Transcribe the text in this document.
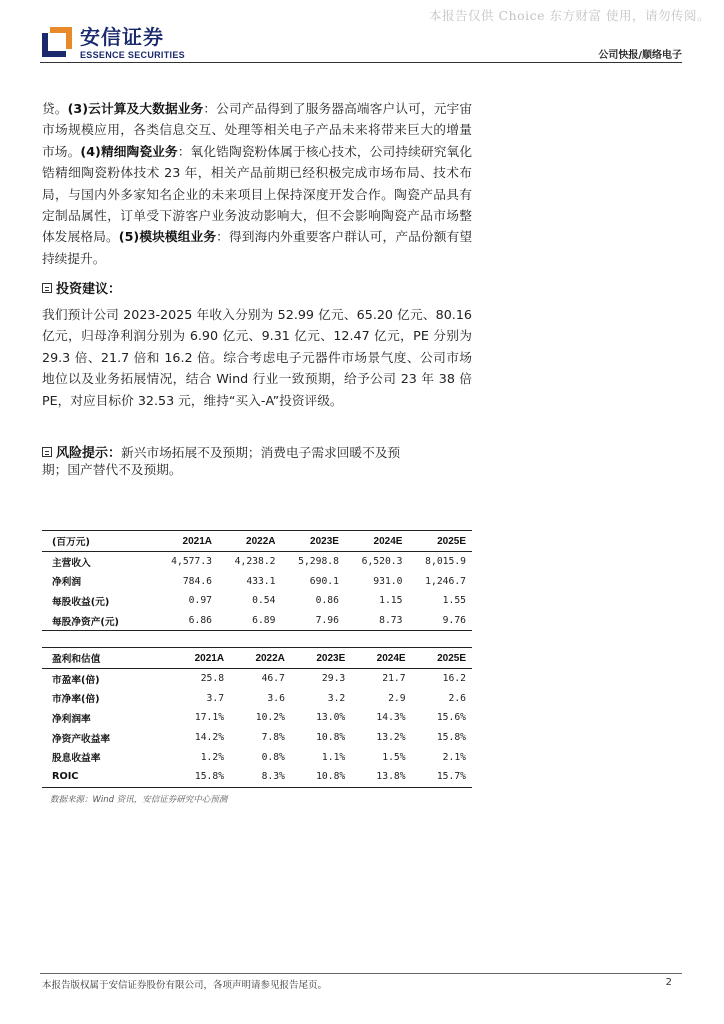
本报告仅供 Choice 东方财富 使用，请勿传阅。
安信证券
ESSENCE SECURITIES	公司快报/顺络电子
贷。(3)云计算及大数据业务：公司产品得到了服务器高端客户认可，元宇宙市场规模应用，各类信息交互、处理等相关电子产品未来将带来巨大的增量市场。(4)精细陶瓷业务：氧化锆陶瓷粉体属于核心技术，公司持续研究氧化锆精细陶瓷粉体技术 23 年，相关产品前期已经积极完成市场布局、技术布局，与国内外多家知名企业的未来项目上保持深度开发合作。陶瓷产品具有定制品属性，订单受下游客户业务波动影响大，但不会影响陶瓷产品市场整体发展格局。(5)模块模组业务：得到海内外重要客户群认可，产品份额有望持续提升。
投资建议：
我们预计公司 2023-2025 年收入分别为 52.99 亿元、65.20 亿元、80.16 亿元，归母净利润分别为 6.90 亿元、9.31 亿元、12.47 亿元，PE 分别为 29.3 倍、21.7 倍和 16.2 倍。综合考虑电子元器件市场景气度、公司市场地位以及业务拓展情况，结合 Wind 行业一致预期，给予公司 23 年 38 倍 PE，对应目标价 32.53 元，维持“买入-A”投资评级。
风险提示： 新兴市场拓展不及预期；消费电子需求回暖不及预
期；国产替代不及预期。
(百万元)	2021A	2022A	2023E	2024E	2025E
主营收入	4,577.3	4,238.2	5,298.8	6,520.3	8,015.9
净利润	784.6	433.1	690.1	931.0	1,246.7
每股收益(元)	0.97	0.54	0.86	1.15	1.55
每股净资产(元)	6.86	6.89	7.96	8.73	9.76
盈利和估值	2021A	2022A	2023E	2024E	2025E
市盈率(倍)	25.8	46.7	29.3	21.7	16.2
市净率(倍)	3.7	3.6	3.2	2.9	2.6
净利润率	17.1%	10.2%	13.0%	14.3%	15.6%
净资产收益率	14.2%	7.8%	10.8%	13.2%	15.8%
股息收益率	1.2%	0.8%	1.1%	1.5%	2.1%
ROIC	15.8%	8.3%	10.8%	13.8%	15.7%
数据来源：Wind 资讯，安信证券研究中心预测
本报告版权属于安信证券股份有限公司，各项声明请参见报告尾页。	2
